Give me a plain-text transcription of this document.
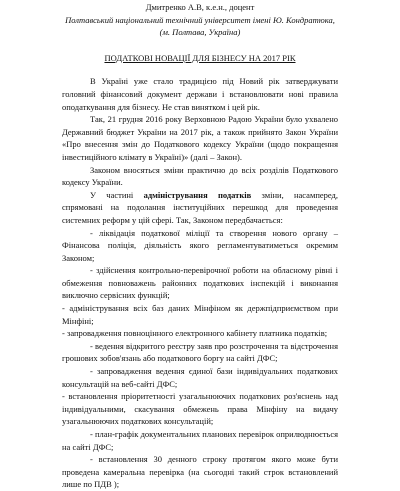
Дмитренко А.В, к.е.н., доцент
Полтавський національний технічний університет імені Ю. Кондратюка,
(м. Полтава, Україна)
ПОДАТКОВІ НОВАЦІЇ ДЛЯ БІЗНЕСУ НА 2017 РІК

В Україні уже стало традицією під Новий рік затверджувати головний фінансовий документ держави і встановлювати нові правила оподаткування для бізнесу. Не став винятком і цей рік.

Так, 21 грудня 2016 року Верховною Радою України було ухвалено Державний бюджет України на 2017 рік, а також прийнято Закон України «Про внесення змін до Податкового кодексу України (щодо покращення інвестиційного клімату в Україні)» (далі – Закон).

Законом вносяться зміни практично до всіх розділів Податкового кодексу України.

У частині адміністрування податків зміни, насамперед, спрямовані на подолання інституційних перешкод для проведення системних реформ у цій сфері. Так, Законом передбачається:

- ліквідація податкової міліції та створення нового органу – Фінансова поліція, діяльність якого регламентуватиметься окремим Законом;

- здійснення контрольно-перевірочної роботи на обласному рівні і обмеження повноважень районних податкових інспекцій і виконання виключно сервісних функцій;

- адміністрування всіх баз даних Мінфіном як держпідприємством при Мінфіні;

- запровадження повноцінного електронного кабінету платника податків;

- ведення відкритого реєстру заяв про розстрочення та відстрочення грошових зобов'язань або податкового боргу на сайті ДФС;

- запровадження ведення єдиної бази індивідуальних податкових консультацій на веб-сайті ДФС;

- встановлення пріоритетності узагальнюючих податкових роз'яснень над індивідуальними, скасування обмежень права Мінфіну на видачу узагальнюючих податкових консультацій;

- план-графік документальних планових перевірок оприлюднюється на сайті ДФС;

- встановлення 30 денного строку протягом якого може бути проведена камеральна перевірка (на сьогодні такий строк встановлений лише по ПДВ );
